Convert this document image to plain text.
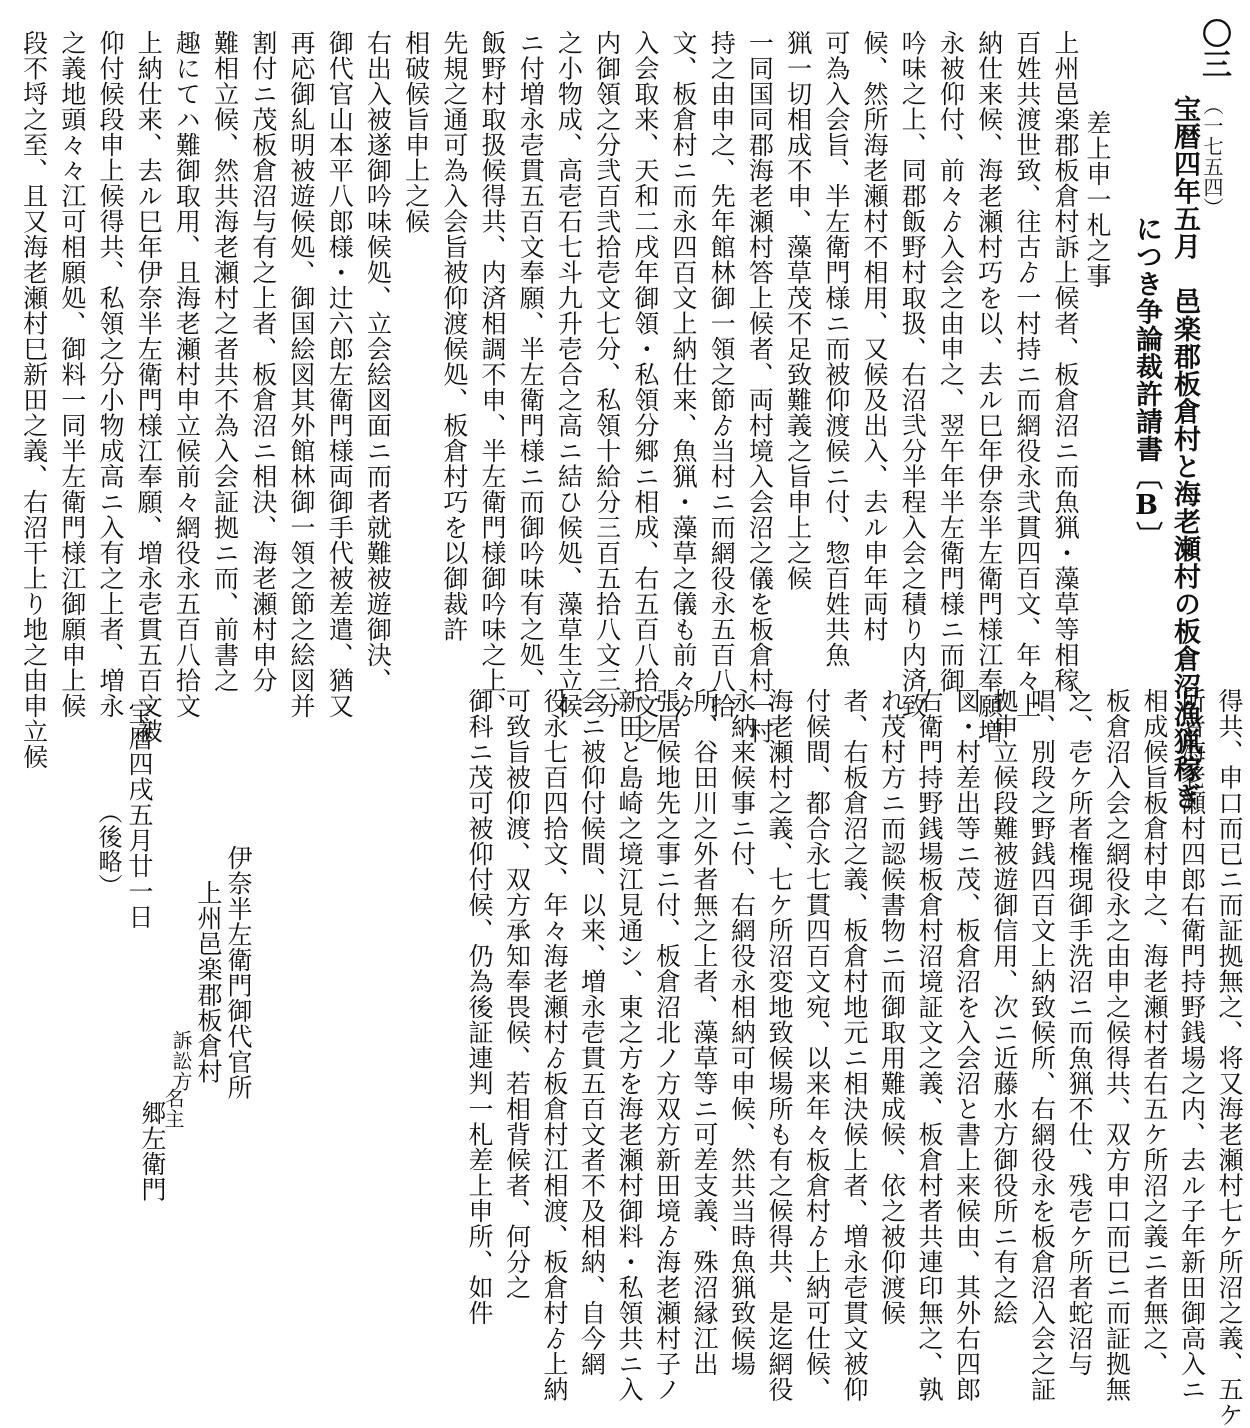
〇三
（一七五四）
宝暦四年五月　邑楽郡板倉村と海老瀬村の板倉沼漁猟稼ぎ
につき争論裁許請書〔B〕
差上申一札之事
上州邑楽郡板倉村訴上候者、板倉沼ニ而魚猟・藻草等相稼、
百姓共渡世致、往古ゟ一村持ニ而網役永弐貫四百文、年々上
納仕来候、海老瀬村巧を以、去ル巳年伊奈半左衛門様江奉願増
永被仰付、前々ゟ入会之由申之、翌午年半左衛門様ニ而御
吟味之上、同郡飯野村取扱、右沼弐分半程入会之積り内済致
候、然所海老瀬村不相用、又候及出入、去ル申年両村
可為入会旨、半左衛門様ニ而被仰渡候ニ付、惣百姓共魚
猟一切相成不申、藻草茂不足致難義之旨申上之候
一同国同郡海老瀬村答上候者、両村境入会沼之儀を板倉村一村
持之由申之、先年館林御一領之節ゟ当村ニ而網役永五百八拾
文、板倉村ニ而永四百文上納仕来、魚猟・藻草之儀も前々ゟ
入会取来、天和二戌年御領・私領分郷ニ相成、右五百八拾文之
内御領之分弐百弐拾壱文七分、私領十給分三百五拾八文三分
之小物成、高壱石七斗九升壱合之高ニ結ひ候処、藻草生立候
ニ付増永壱貫五百文奉願、半左衛門様ニ而御吟味有之処、
飯野村取扱候得共、内済相調不申、半左衛門様御吟味之上、
先規之通可為入会旨被仰渡候処、板倉村巧を以御裁許
相破候旨申上之候
右出入被遂御吟味候処、立会絵図面ニ而者就難被遊御決、
御代官山本平八郎様・辻六郎左衛門様両御手代被差遣、猶又
再応御糺明被遊候処、御国絵図其外館林御一領之節之絵図并
割付ニ茂板倉沼与有之上者、板倉沼ニ相決、海老瀬村申分
難相立候、然共海老瀬村之者共不為入会証拠ニ而、前書之
趣にてハ難御取用、且海老瀬村申立候前々網役永五百八拾文
上納仕来、去ル巳年伊奈半左衛門様江奉願、増永壱貫五百文被
仰付候段申上候得共、私領之分小物成高ニ入有之上者、増永
之義地頭々々江可相願処、御料一同半左衛門様江御願申上候
段不埒之至、且又海老瀬村巳新田之義、右沼干上り地之由申立候
得共、申口而已ニ而証拠無之、将又海老瀬村七ケ所沼之義、五ケ
所者海老瀬村四郎右衛門持野銭場之内、去ル子年新田御高入ニ
相成候旨板倉村申之、海老瀬村者右五ケ所沼之義ニ者無之、
板倉沼入会之網役永之由申之候得共、双方申口而已ニ而証拠無
之、壱ケ所者権現御手洗沼ニ而魚猟不仕、残壱ケ所者蛇沼与
唱、別段之野銭四百文上納致候所、右網役永を板倉沼入会之証
拠申立候段難被遊御信用、次ニ近藤水方御役所ニ有之絵
図・村差出等ニ茂、板倉沼を入会沼と書上来候由、其外右四郎
右衛門持野銭場板倉村沼境証文之義、板倉村者共連印無之、孰
れ茂村方ニ而認候書物ニ而御取用難成候、依之被仰渡候
者、右板倉沼之義、板倉村地元ニ相決候上者、増永壱貫文被仰
付候間、都合永七貫四百文宛、以来年々板倉村ゟ上納可仕候、
海老瀬村之義、七ケ所沼変地致候場所も有之候得共、是迄網役
永納来候事ニ付、右網役永相納可申候、然共当時魚猟致候場
所、谷田川之外者無之上者、藻草等ニ可差支義、殊沼縁江出
張居候地先之事ニ付、板倉沼北ノ方双方新田境ゟ海老瀬村子ノ
新田と島崎之境江見通シ、東之方を海老瀬村御料・私領共ニ入
会ニ被仰付候間、以来、増永壱貫五百文者不及相納、自今網
役永七百四拾文、年々海老瀬村ゟ板倉村江相渡、板倉村ゟ上納
可致旨被仰渡、双方承知奉畏候、若相背候者、何分之
御科ニ茂可被仰付候、仍為後証連判一札差上申所、如件
宝暦四戌五月廿一日
（後略）	伊奈半左衛門御代官所
上州邑楽郡板倉村
訴訟方
名主
郷左衛門
